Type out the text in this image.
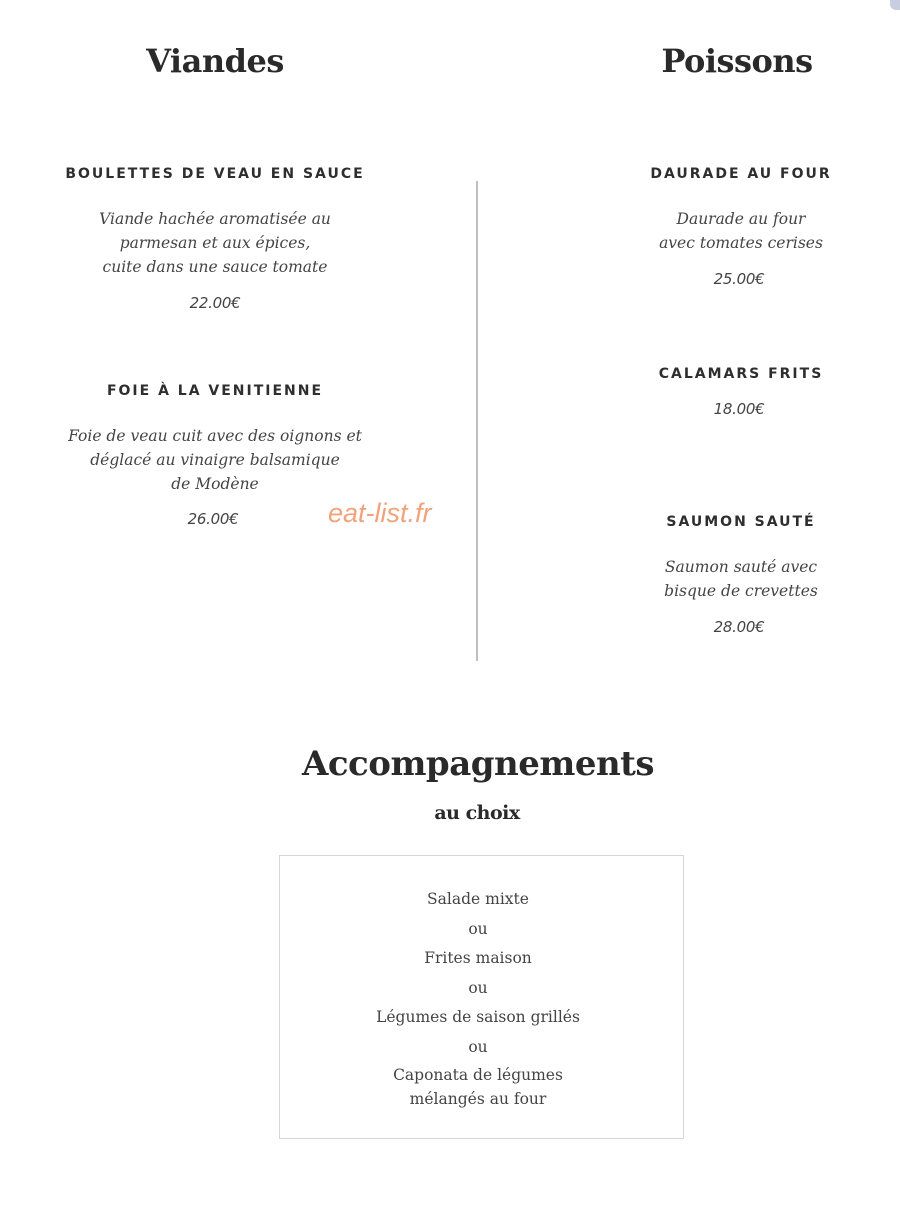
Viandes	Poissons
BOULETTES DE VEAU EN SAUCE
Viande hachée aromatisée au
parmesan et aux épices,
cuite dans une sauce tomate
22.00€
FOIE À LA VENITIENNE
Foie de veau cuit avec des oignons et
déglacé au vinaigre balsamique
de Modène
26.00€
DAURADE AU FOUR
Daurade au four
avec tomates cerises
25.00€
CALAMARS FRITS
18.00€
SAUMON SAUTÉ
Saumon sauté avec
bisque de crevettes
28.00€
eat-list.fr
Accompagnements
au choix
Salade mixte
ou
Frites maison
ou
Légumes de saison grillés
ou
Caponata de légumes
mélangés au four
